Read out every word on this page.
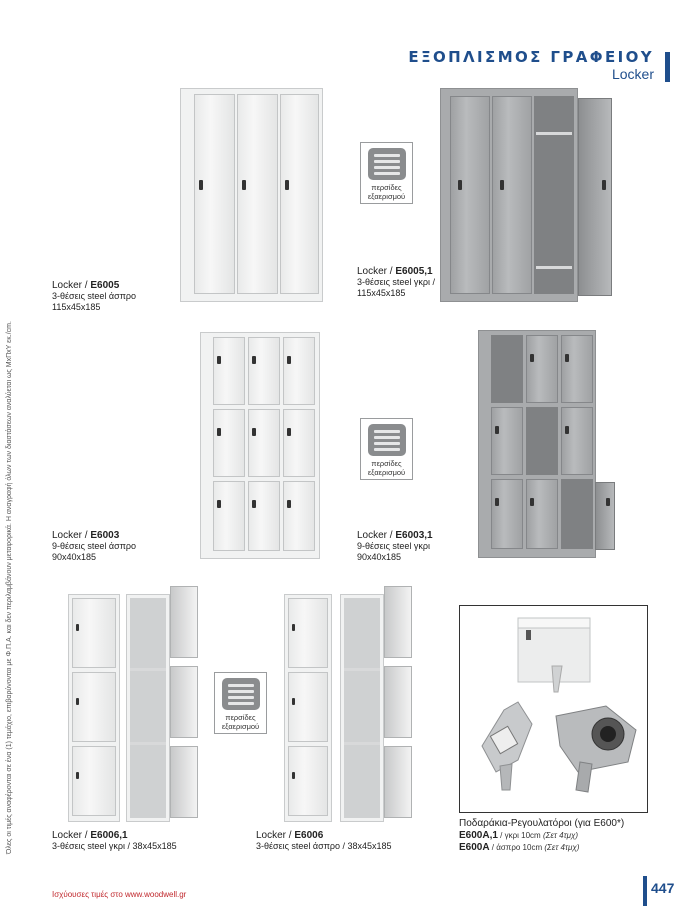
ΕΞΟΠΛΙΣΜΟΣ ΓΡΑΦΕΙΟΥ
Locker
Όλες οι τιμές αναφέρονται σε ένα (1) τεμάχιο, επιβαρύνονται με Φ.Π.Α. και δεν περιλαμβάνουν μεταφορικά. Η αναγραφή όλων των διαστάσεων αναλύεται ως ΜxΠxΥ εκ./cm.
περσίδες
εξαερισμού
Locker / E6005
3-θέσεις steel άσπρο
115x45x185
Locker / E6005,1
3-θέσεις steel γκρι /
115x45x185
περσίδες
εξαερισμού
Locker / E6003
9-θέσεις steel άσπρο
90x40x185
Locker / E6003,1
9-θέσεις steel γκρι
90x40x185
περσίδες
εξαερισμού
Locker / E6006,1
3-θέσεις steel γκρι / 38x45x185
Locker / E6006
3-θέσεις steel άσπρο / 38x45x185
Ποδαράκια-Ρεγουλατόροι (για E600*)
E600A,1 / γκρι 10cm (Σετ 4τμχ)
E600A / άσπρο 10cm (Σετ 4τμχ)
Ισχύουσες τιμές στο www.woodwell.gr	447
